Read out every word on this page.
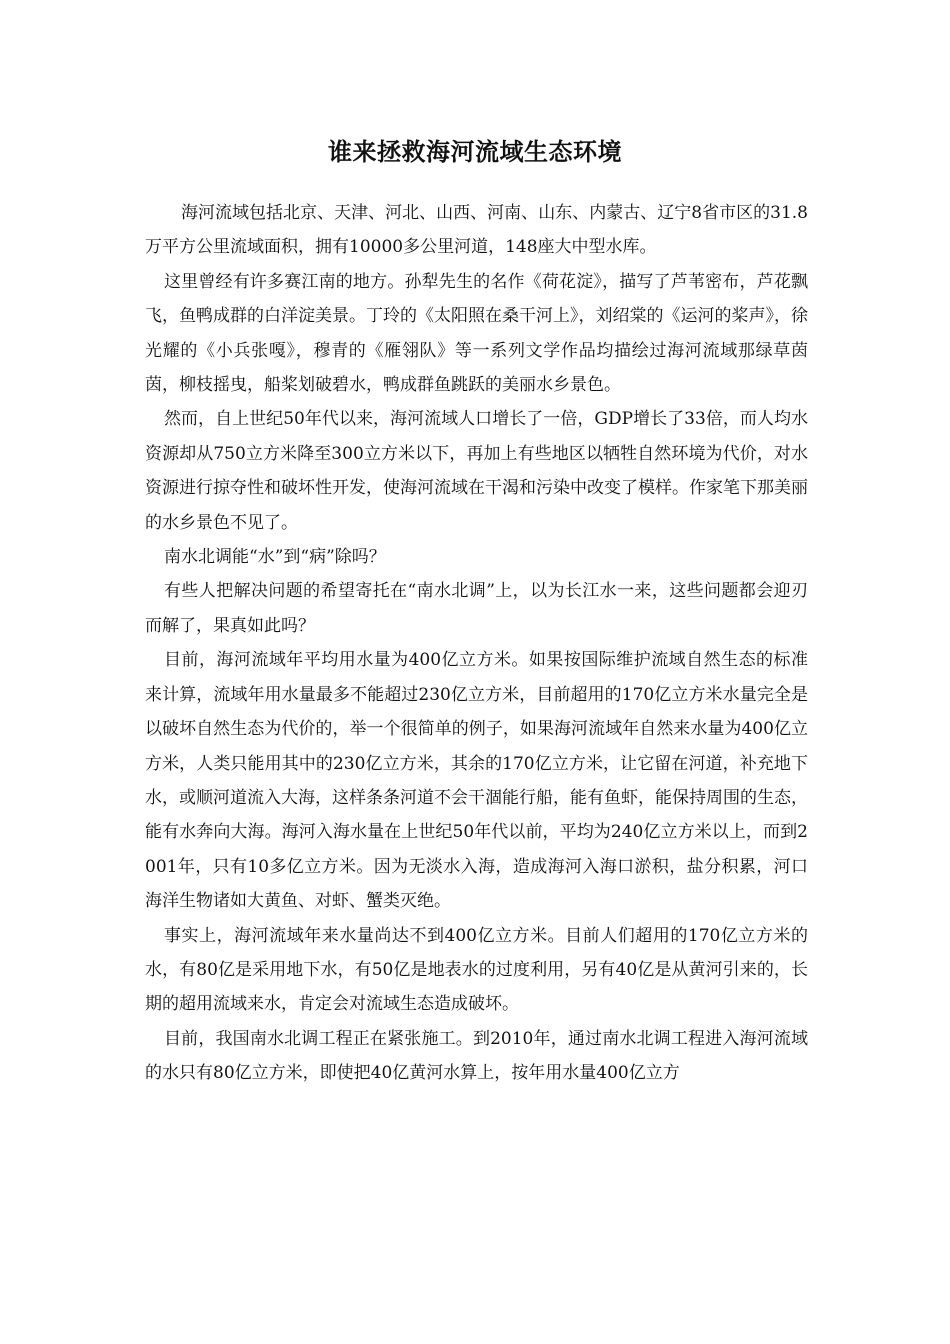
谁来拯救海河流域生态环境

海河流域包括北京、天津、河北、山西、河南、山东、内蒙古、辽宁8省市区的31.8万平方公里流域面积，拥有10000多公里河道，148座大中型水库。

这里曾经有许多赛江南的地方。孙犁先生的名作《荷花淀》，描写了芦苇密布，芦花飘飞，鱼鸭成群的白洋淀美景。丁玲的《太阳照在桑干河上》，刘绍棠的《运河的桨声》，徐光耀的《小兵张嘎》，穆青的《雁翎队》等一系列文学作品均描绘过海河流域那绿草茵茵，柳枝摇曳，船桨划破碧水，鸭成群鱼跳跃的美丽水乡景色。

然而，自上世纪50年代以来，海河流域人口增长了一倍，GDP增长了33倍，而人均水资源却从750立方米降至300立方米以下，再加上有些地区以牺牲自然环境为代价，对水资源进行掠夺性和破坏性开发，使海河流域在干渴和污染中改变了模样。作家笔下那美丽的水乡景色不见了。

南水北调能“水”到“病”除吗？

有些人把解决问题的希望寄托在“南水北调”上，以为长江水一来，这些问题都会迎刃而解了，果真如此吗？

目前，海河流域年平均用水量为400亿立方米。如果按国际维护流域自然生态的标准来计算，流域年用水量最多不能超过230亿立方米，目前超用的170亿立方米水量完全是以破坏自然生态为代价的，举一个很简单的例子，如果海河流域年自然来水量为400亿立方米，人类只能用其中的230亿立方米，其余的170亿立方米，让它留在河道，补充地下水，或顺河道流入大海，这样条条河道不会干涸能行船，能有鱼虾，能保持周围的生态，能有水奔向大海。海河入海水量在上世纪50年代以前，平均为240亿立方米以上，而到2001年，只有10多亿立方米。因为无淡水入海，造成海河入海口淤积，盐分积累，河口海洋生物诸如大黄鱼、对虾、蟹类灭绝。

事实上，海河流域年来水量尚达不到400亿立方米。目前人们超用的170亿立方米的水，有80亿是采用地下水，有50亿是地表水的过度利用，另有40亿是从黄河引来的，长期的超用流域来水，肯定会对流域生态造成破坏。

目前，我国南水北调工程正在紧张施工。到2010年，通过南水北调工程进入海河流域的水只有80亿立方米，即使把40亿黄河水算上，按年用水量400亿立方
